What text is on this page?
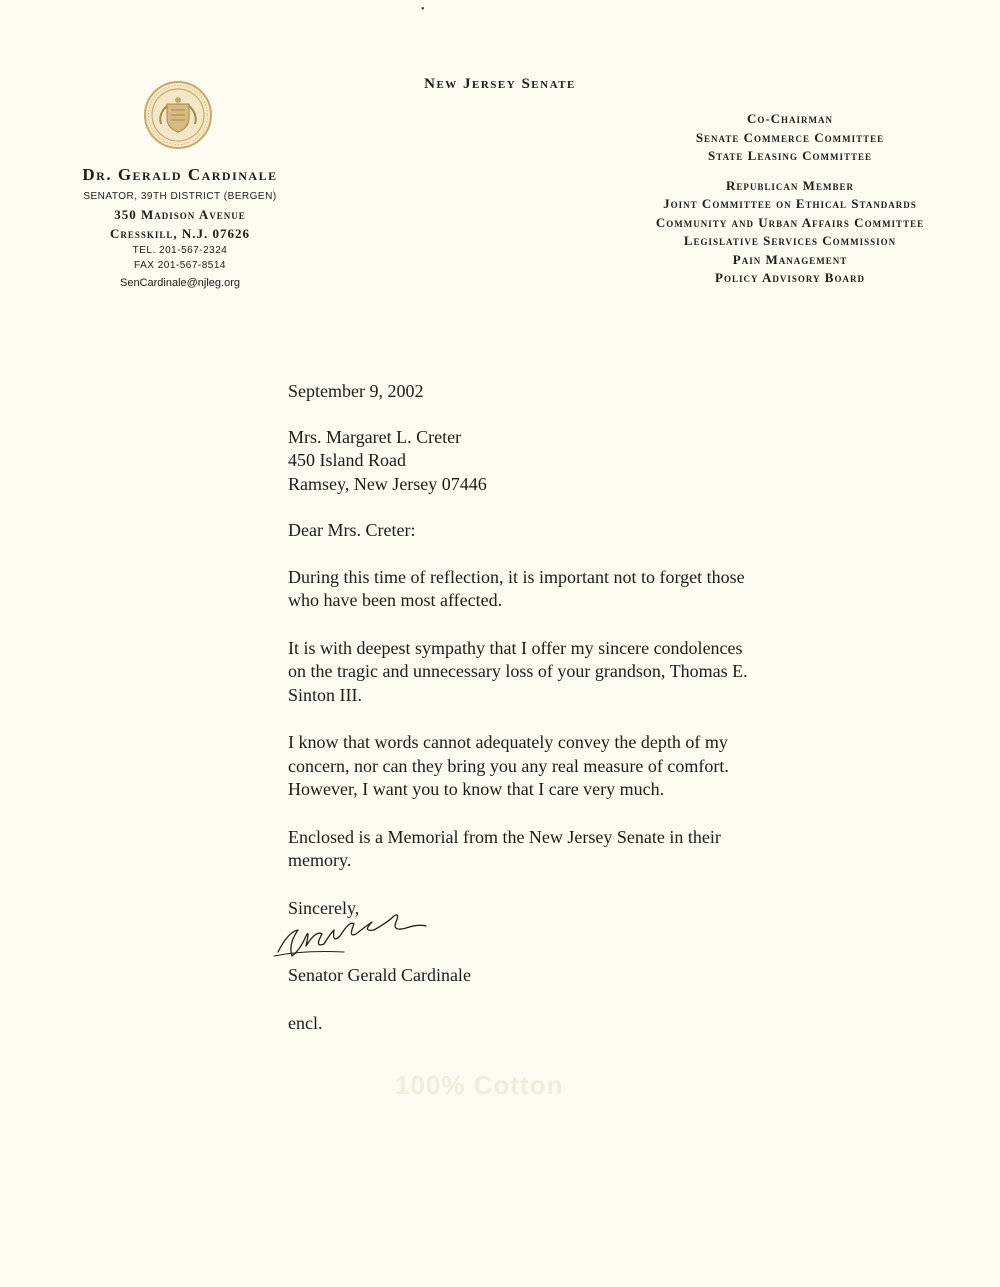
•
New Jersey Senate
Dr. Gerald Cardinale
SENATOR, 39TH DISTRICT (BERGEN)
350 Madison Avenue
Cresskill, N.J. 07626
TEL. 201-567-2324
FAX 201-567-8514
SenCardinale@njleg.org
Co-Chairman
Senate Commerce Committee
State Leasing Committee
Republican Member
Joint Committee on Ethical Standards
Community and Urban Affairs Committee
Legislative Services Commission
Pain Management
Policy Advisory Board

September 9, 2002

Mrs. Margaret L. Creter

450 Island Road

Ramsey, New Jersey 07446

Dear Mrs. Creter:

During this time of reflection, it is important not to forget those who have been most affected.

It is with deepest sympathy that I offer my sincere condolences on the tragic and unnecessary loss of your grandson, Thomas E. Sinton III.

I know that words cannot adequately convey the depth of my concern, nor can they bring you any real measure of comfort. However, I want you to know that I care very much.

Enclosed is a Memorial from the New Jersey Senate in their memory.

Sincerely,

Senator Gerald Cardinale

encl.

100% Cotton
